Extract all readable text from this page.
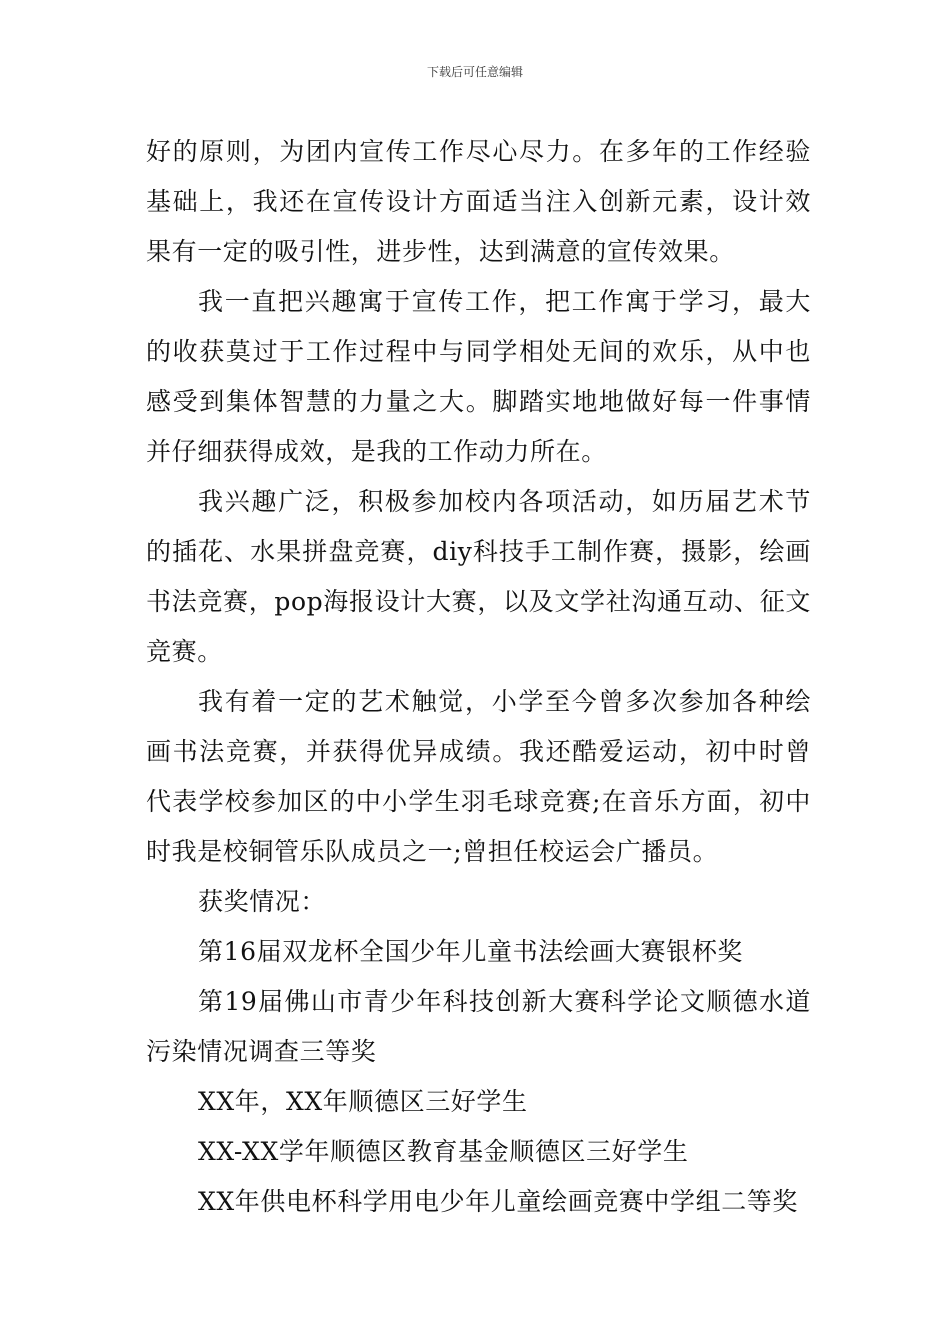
下载后可任意编辑

好的原则，为团内宣传工作尽心尽力。在多年的工作经验基础上，我还在宣传设计方面适当注入创新元素，设计效果有一定的吸引性，进步性，达到满意的宣传效果。

我一直把兴趣寓于宣传工作，把工作寓于学习，最大的收获莫过于工作过程中与同学相处无间的欢乐，从中也感受到集体智慧的力量之大。脚踏实地地做好每一件事情并仔细获得成效，是我的工作动力所在。

我兴趣广泛，积极参加校内各项活动，如历届艺术节的插花、水果拼盘竞赛，diy科技手工制作赛，摄影，绘画书法竞赛，pop海报设计大赛，以及文学社沟通互动、征文竞赛。

我有着一定的艺术触觉，小学至今曾多次参加各种绘画书法竞赛，并获得优异成绩。我还酷爱运动，初中时曾代表学校参加区的中小学生羽毛球竞赛;在音乐方面，初中时我是校铜管乐队成员之一;曾担任校运会广播员。

获奖情况：

第16届双龙杯全国少年儿童书法绘画大赛银杯奖

第19届佛山市青少年科技创新大赛科学论文顺德水道污染情况调查三等奖

XX年，XX年顺德区三好学生

XX-XX学年顺德区教育基金顺德区三好学生

XX年供电杯科学用电少年儿童绘画竞赛中学组二等奖
